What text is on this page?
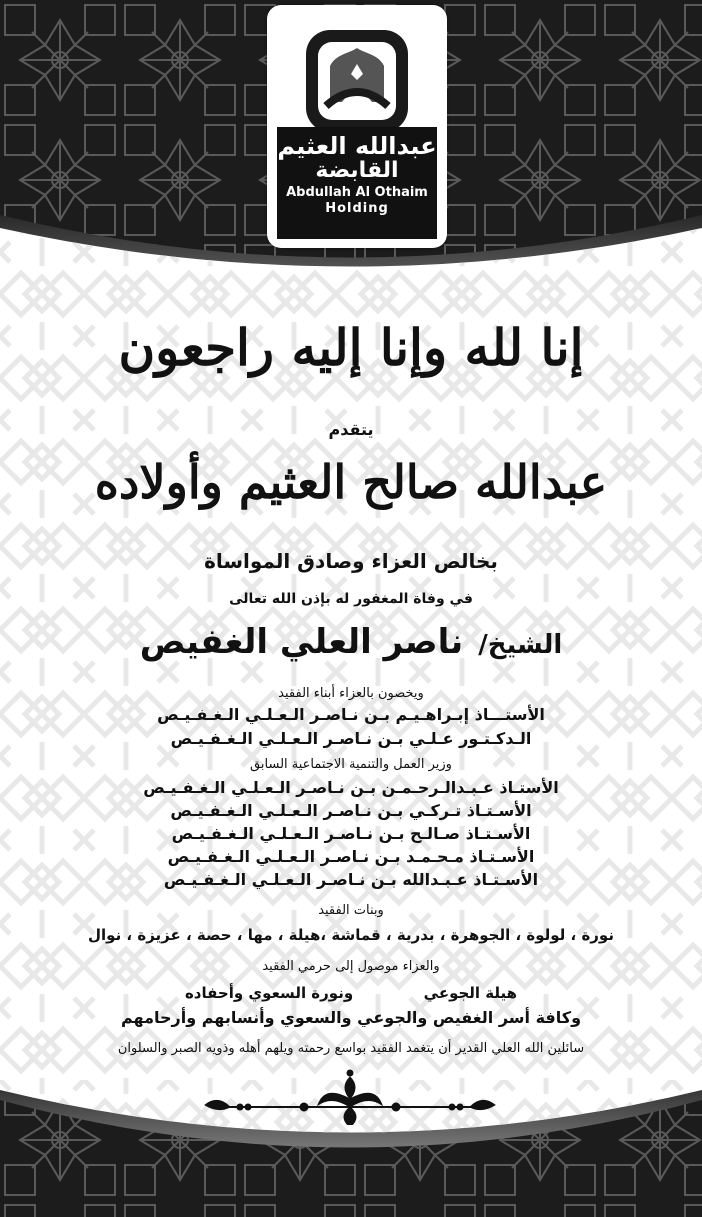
عبدالله العثيم
القابضة
Abdullah Al Othaim
Holding
إنا لله وإنا إليه راجعون
يتقدم
عبدالله صالح العثيم وأولاده
بخالص العزاء وصادق المواساة
في وفاة المغفور له بإذن الله تعالى
الشيخ/ ناصر العلي الغفيص
ويخصون بالعزاء أبناء الفقيد
الأستـــاذ إبـراهـيـم بـن نـاصـر الـعـلـي الـغـفـيـص
الـدكـتـور عـلـي بـن نـاصـر الـعـلـي الـغـفـيـص
وزير العمل والتنمية الاجتماعية السابق
الأستـاذ عـبـدالـرحـمـن بـن نـاصـر الـعـلـي الـغـفـيـص
الأسـتـاذ تـركـي بـن نـاصـر الـعـلـي الـغـفـيـص
الأسـتـاذ صـالـح بـن نـاصـر الـعـلـي الـغـفـيـص
الأسـتـاذ مـحـمـد بـن نـاصـر الـعـلـي الـغـفـيـص
الأسـتـاذ عـبـدالله بـن نـاصـر الـعـلـي الـغـفـيـص
وبنات الفقيد
نورة ، لولوة ، الجوهرة ، بدرية ، قماشة ،هيلة ، مها ، حصة ، عزيزة ، نوال
والعزاء موصول إلى حرمي الفقيد
هيلة الجوعي  ونورة السعوي وأحفاده
وكافة أسر الغفيص والجوعي والسعوي وأنسابهم وأرحامهم
سائلين الله العلي القدير أن يتغمد الفقيد بواسع رحمته ويلهم أهله وذويه الصبر والسلوان
